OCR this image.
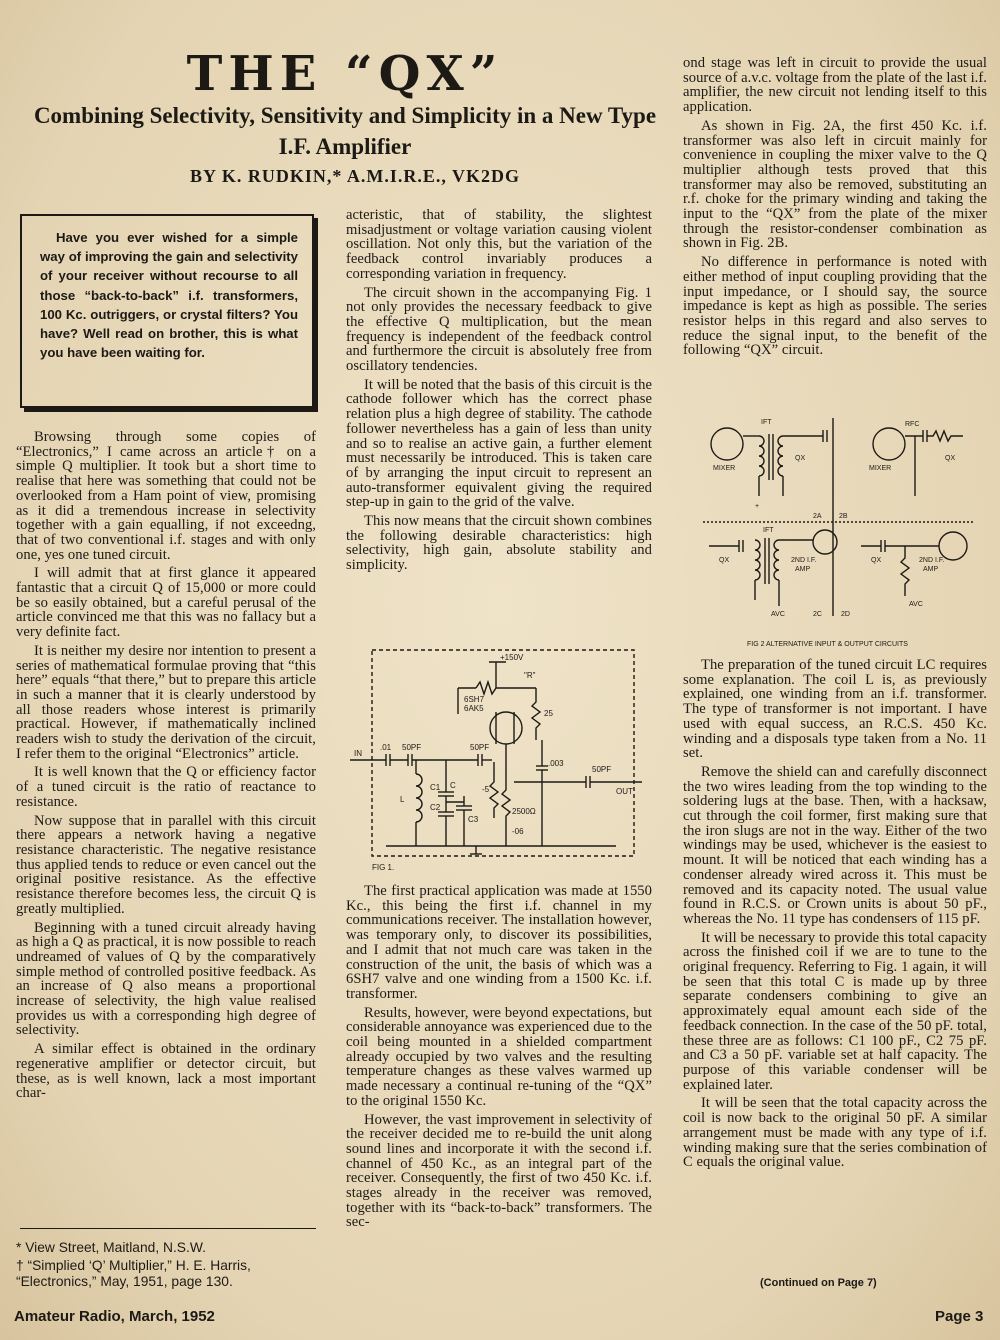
THE “QX”
Combining Selectivity, Sensitivity and Simplicity in a New Type I.F. Amplifier
BY K. RUDKIN,* A.M.I.R.E., VK2DG

Have you ever wished for a simple way of improving the gain and selectivity of your receiver without recourse to all those “back-to-back” i.f. transformers, 100 Kc. outriggers, or crystal filters? You have? Well read on brother, this is what you have been waiting for.

Browsing through some copies of “Electronics,” I came across an article† on a simple Q multiplier. It took but a short time to realise that here was something that could not be overlooked from a Ham point of view, promising as it did a tremendous increase in selectivity together with a gain equalling, if not exceedng, that of two conventional i.f. stages and with only one, yes one tuned circuit.

I will admit that at first glance it appeared fantastic that a circuit Q of 15,000 or more could be so easily obtained, but a careful perusal of the article convinced me that this was no fallacy but a very definite fact.

It is neither my desire nor intention to present a series of mathematical formulae proving that “this here” equals “that there,” but to prepare this article in such a manner that it is clearly understood by all those readers whose interest is primarily practical. However, if mathematically inclined readers wish to study the derivation of the circuit, I refer them to the original “Electronics” article.

It is well known that the Q or efficiency factor of a tuned circuit is the ratio of reactance to resistance.

Now suppose that in parallel with this circuit there appears a network having a negative resistance characteristic. The negative resistance thus applied tends to reduce or even cancel out the original positive resistance. As the effective resistance therefore becomes less, the circuit Q is greatly multiplied.

Beginning with a tuned circuit already having as high a Q as practical, it is now possible to reach undreamed of values of Q by the comparatively simple method of controlled positive feedback. As an increase of Q also means a proportional increase of selectivity, the high value realised provides us with a corresponding high degree of selectivity.

A similar effect is obtained in the ordinary regenerative amplifier or detector circuit, but these, as is well known, lack a most important char-

acteristic, that of stability, the slightest misadjustment or voltage variation causing violent oscillation. Not only this, but the variation of the feedback control invariably produces a corresponding variation in frequency.

The circuit shown in the accompanying Fig. 1 not only provides the necessary feedback to give the effective Q multiplication, but the mean frequency is independent of the feedback control and furthermore the circuit is absolutely free from oscillatory tendencies.

It will be noted that the basis of this circuit is the cathode follower which has the correct phase relation plus a high degree of stability. The cathode follower nevertheless has a gain of less than unity and so to realise an active gain, a further element must necessarily be introduced. This is taken care of by arranging the input circuit to represent an auto-transformer equivalent giving the required step-up in gain to the grid of the valve.

This now means that the circuit shown combines the following desirable characteristics: high selectivity, high gain, absolute stability and simplicity.

+150V
"R"
6SH7
6AK5
25
.01 50PF	50PF
.003
50PF
IN
OUT
L
C
C1
C2
C3
-5
2500Ω
-06
FIG 1.

The first practical application was made at 1550 Kc., this being the first i.f. channel in my communications receiver. The installation however, was temporary only, to discover its possibilities, and I admit that not much care was taken in the construction of the unit, the basis of which was a 6SH7 valve and one winding from a 1500 Kc. i.f. transformer.

Results, however, were beyond expectations, but considerable annoyance was experienced due to the coil being mounted in a shielded compartment already occupied by two valves and the resulting temperature changes as these valves warmed up made necessary a continual re-tuning of the “QX” to the original 1550 Kc.

However, the vast improvement in selectivity of the receiver decided me to re-build the unit along sound lines and incorporate it with the second i.f. channel of 450 Kc., as an integral part of the receiver. Consequently, the first of two 450 Kc. i.f. stages already in the receiver was removed, together with its “back-to-back” transformers. The sec-

ond stage was left in circuit to provide the usual source of a.v.c. voltage from the plate of the last i.f. amplifier, the new circuit not lending itself to this application.

As shown in Fig. 2A, the first 450 Kc. i.f. transformer was also left in circuit mainly for convenience in coupling the mixer valve to the Q multiplier although tests proved that this transformer may also be removed, substituting an r.f. choke for the primary winding and taking the input to the “QX” from the plate of the mixer through the resistor-condenser combination as shown in Fig. 2B.

No difference in performance is noted with either method of input coupling providing that the input impedance, or I should say, the source impedance is kept as high as possible. The series resistor helps in this regard and also serves to reduce the signal input, to the benefit of the following “QX” circuit.

MIXER
IFT
QX
+
MIXER
RFC
QX
2A 2B
IFT
QX	2ND I.F.
AMP
AVC	2C
QX	2ND I.F.
AMP
AVC
2D
FIG 2 ALTERNATIVE INPUT & OUTPUT CIRCUITS

The preparation of the tuned circuit LC requires some explanation. The coil L is, as previously explained, one winding from an i.f. transformer. The type of transformer is not important. I have used with equal success, an R.C.S. 450 Kc. winding and a disposals type taken from a No. 11 set.

Remove the shield can and carefully disconnect the two wires leading from the top winding to the soldering lugs at the base. Then, with a hacksaw, cut through the coil former, first making sure that the iron slugs are not in the way. Either of the two windings may be used, whichever is the easiest to mount. It will be noticed that each winding has a condenser already wired across it. This must be removed and its capacity noted. The usual value found in R.C.S. or Crown units is about 50 pF., whereas the No. 11 type has condensers of 115 pF.

It will be necessary to provide this total capacity across the finished coil if we are to tune to the original frequency. Referring to Fig. 1 again, it will be seen that this total C is made up by three separate condensers combining to give an approximately equal amount each side of the feedback connection. In the case of the 50 pF. total, these three are as follows: C1 100 pF., C2 75 pF. and C3 a 50 pF. variable set at half capacity. The purpose of this variable condenser will be explained later.

It will be seen that the total capacity across the coil is now back to the original 50 pF. A similar arrangement must be made with any type of i.f. winding making sure that the series combination of C equals the original value.

(Continued on Page 7)
* View Street, Maitland, N.S.W.
† “Simplied ‘Q’ Multiplier,” H. E. Harris, “Electronics,” May, 1951, page 130.
Amateur Radio, March, 1952	Page 3
